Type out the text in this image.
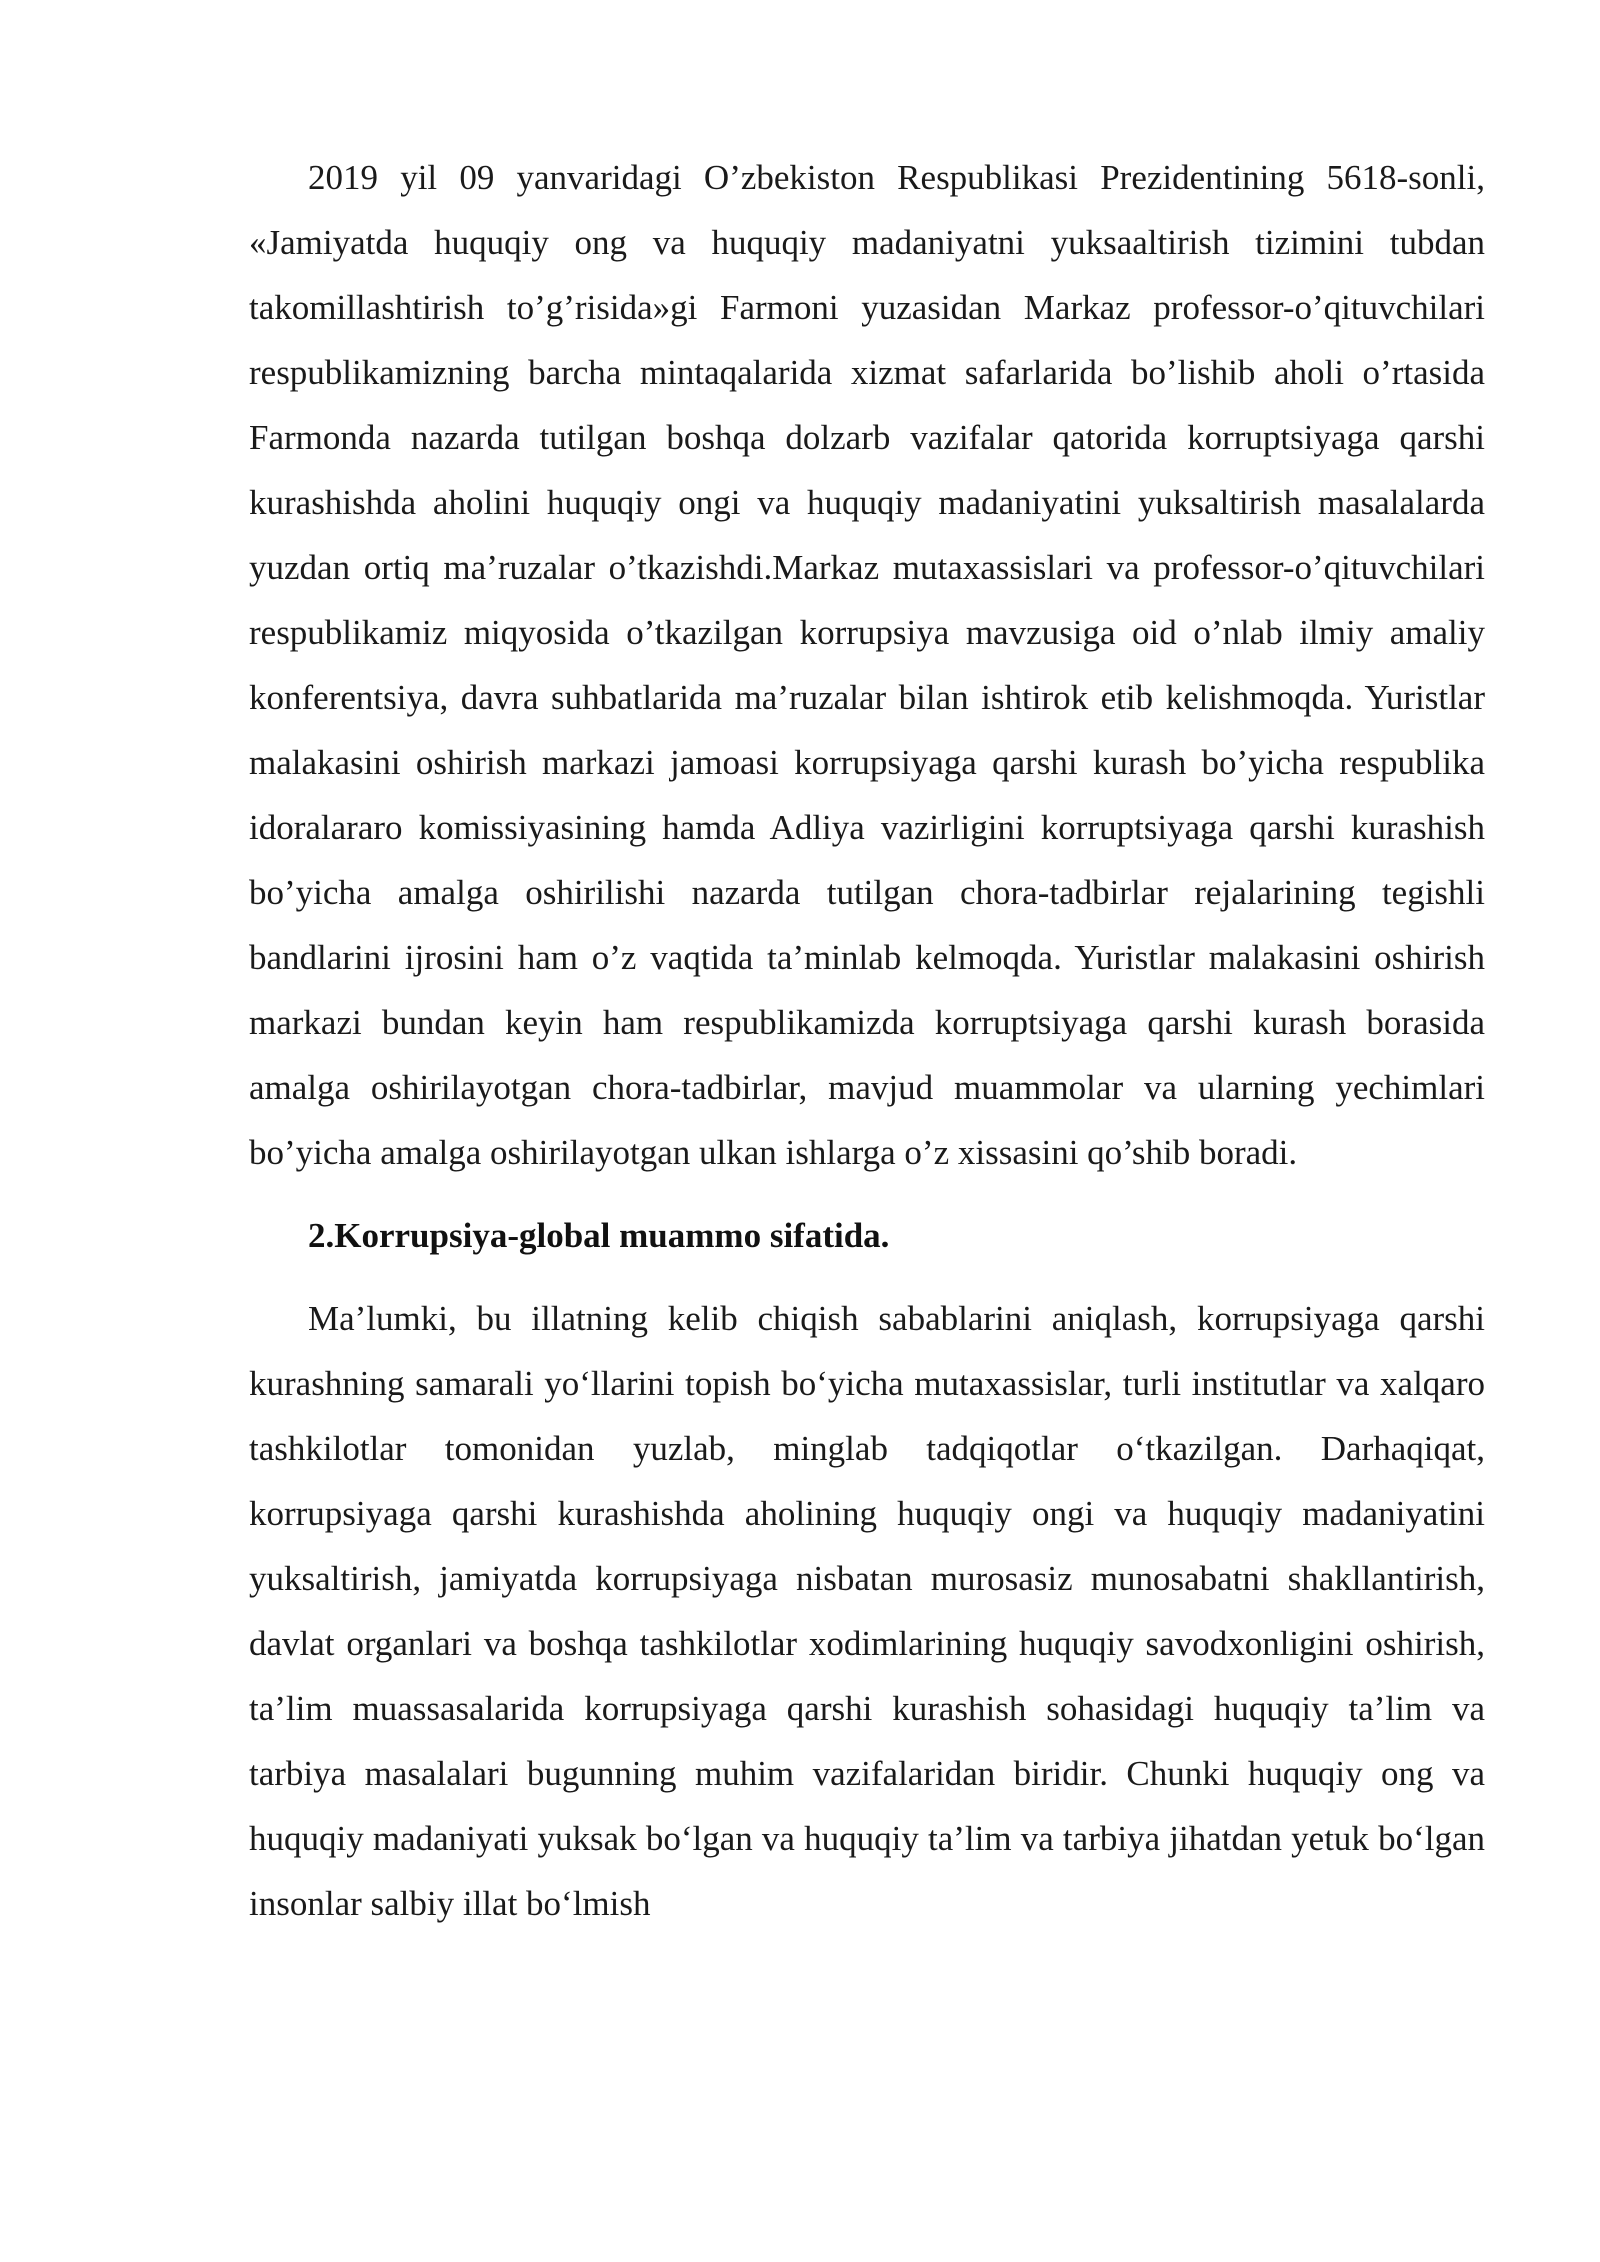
2019 yil 09 yanvaridagi O’zbekiston Respublikasi Prezidentining 5618-sonli, «Jamiyatda huquqiy ong va huquqiy madaniyatni yuksaaltirish tizimini tubdan takomillashtirish to’g’risida»gi Farmoni yuzasidan Markaz professor-o’qituvchilari respublikamizning barcha mintaqalarida xizmat safarlarida bo’lishib aholi o’rtasida Farmonda nazarda tutilgan boshqa dolzarb vazifalar qatorida korruptsiyaga qarshi kurashishda aholini huquqiy ongi va huquqiy madaniyatini yuksaltirish masalalarda yuzdan ortiq ma’ruzalar o’tkazishdi.Markaz mutaxassislari va professor-o’qituvchilari respublikamiz miqyosida o’tkazilgan korrupsiya mavzusiga oid o’nlab ilmiy amaliy konferentsiya, davra suhbatlarida ma’ruzalar bilan ishtirok etib kelishmoqda. Yuristlar malakasini oshirish markazi jamoasi korrupsiyaga qarshi kurash bo’yicha respublika idoralararo komissiyasining hamda Adliya vazirligini korruptsiyaga qarshi kurashish bo’yicha amalga oshirilishi nazarda tutilgan chora-tadbirlar rejalarining tegishli bandlarini ijrosini ham o’z vaqtida ta’minlab kelmoqda. Yuristlar malakasini oshirish markazi bundan keyin ham respublikamizda korruptsiyaga qarshi kurash borasida amalga oshirilayotgan chora-tadbirlar, mavjud muammolar va ularning yechimlari bo’yicha amalga oshirilayotgan ulkan ishlarga o’z xissasini qo’shib boradi.

2.Korrupsiya-global muammo sifatida.

Ma’lumki, bu illatning kelib chiqish sabablarini aniqlash, korrupsiyaga qarshi kurashning samarali yo‘llarini topish bo‘yicha mutaxassislar, turli institutlar va xalqaro tashkilotlar tomonidan yuzlab, minglab tadqiqotlar o‘tkazilgan. Darhaqiqat, korrupsiyaga qarshi kurashishda aholining huquqiy ongi va huquqiy madaniyatini yuksaltirish, jamiyatda korrupsiyaga nisbatan murosasiz munosabatni shakllantirish, davlat organlari va boshqa tashkilotlar xodimlarining huquqiy savodxonligini oshirish, ta’lim muassasalarida korrupsiyaga qarshi kurashish sohasidagi huquqiy ta’lim va tarbiya masalalari bugunning muhim vazifalaridan biridir. Chunki huquqiy ong va huquqiy madaniyati yuksak bo‘lgan va huquqiy ta’lim va tarbiya jihatdan yetuk bo‘lgan insonlar salbiy illat bo‘lmish
